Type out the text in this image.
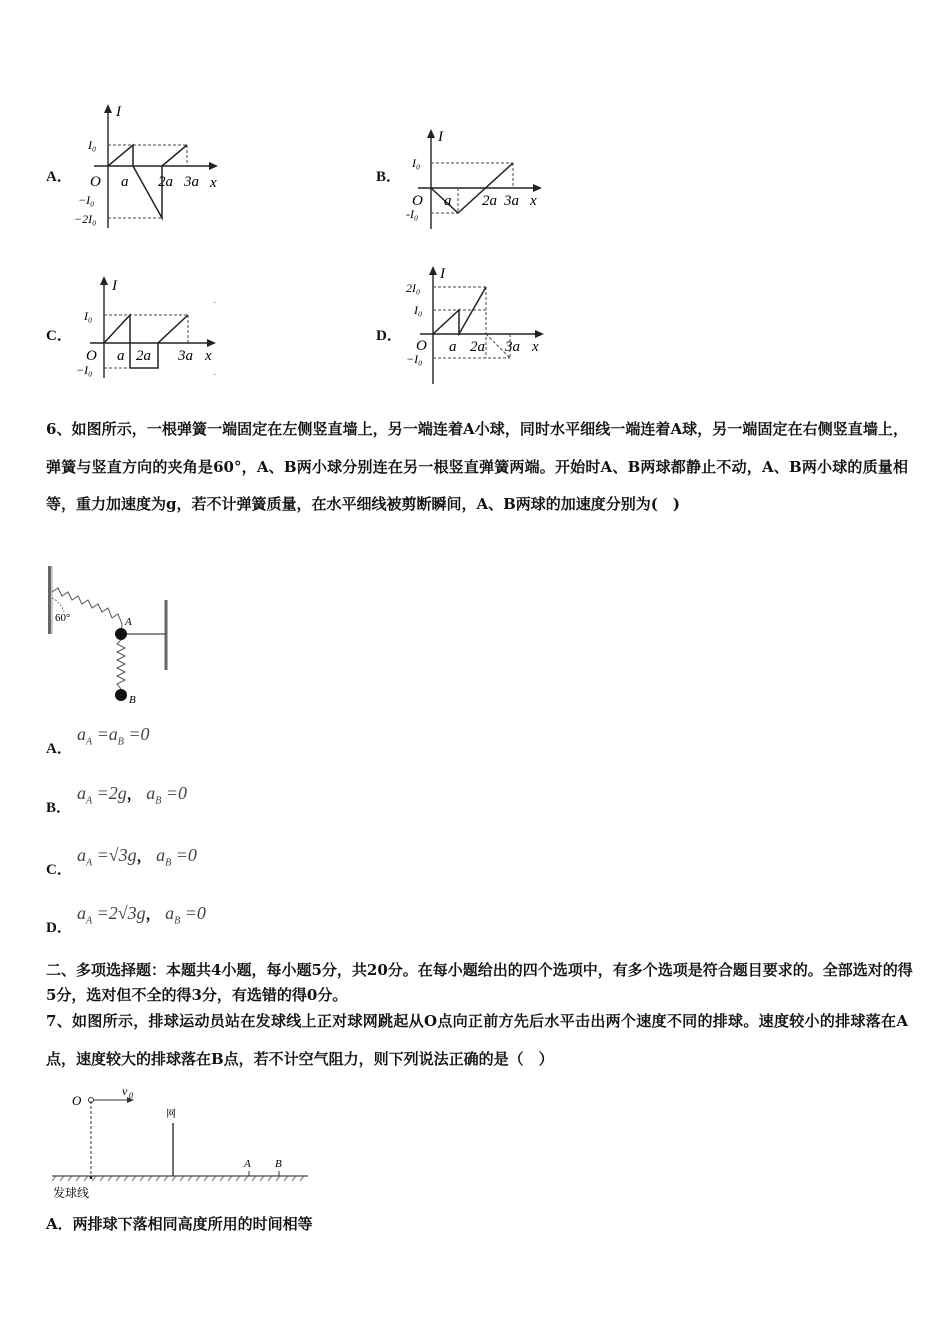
A．
I
x
O
I₀
−I₀
−2I₀
a 2a 3a	B．
I
x
O
I₀
-I₀
a 2a 3a
C．
I
x
O
I₀
−I₀
a 2a 3a
D．
I
x
O
2I₀
I₀
−I₀
a 2a 3a
6、如图所示，一根弹簧一端固定在左侧竖直墙上，另一端连着A小球，同时水平细线一端连着A球，另一端固定在右侧竖直墙上，弹簧与竖直方向的夹角是60°，A、B两小球分别连在另一根竖直弹簧两端。开始时A、B两球都静止不动，A、B两小球的质量相等，重力加速度为g，若不计弹簧质量，在水平细线被剪断瞬间，A、B两球的加速度分别为(　)
60°	A
B
A．
$a_A =a_B =0$
B．
$a_A =2g$， $a_B =0$
C．
$a_A =√3g$， $a_B =0$
D．
$a_A =2√3g$， $a_B =0$
二、多项选择题：本题共4小题，每小题5分，共20分。在每小题给出的四个选项中，有多个选项是符合题目要求的。全部选对的得5分，选对但不全的得3分，有选错的得0分。
7、如图所示，排球运动员站在发球线上正对球网跳起从O点向正前方先后水平击出两个速度不同的排球。速度较小的排球落在A点，速度较大的排球落在B点，若不计空气阻力，则下列说法正确的是（　）
O
v 0
网
A B
发球线
A．两排球下落相同高度所用的时间相等
